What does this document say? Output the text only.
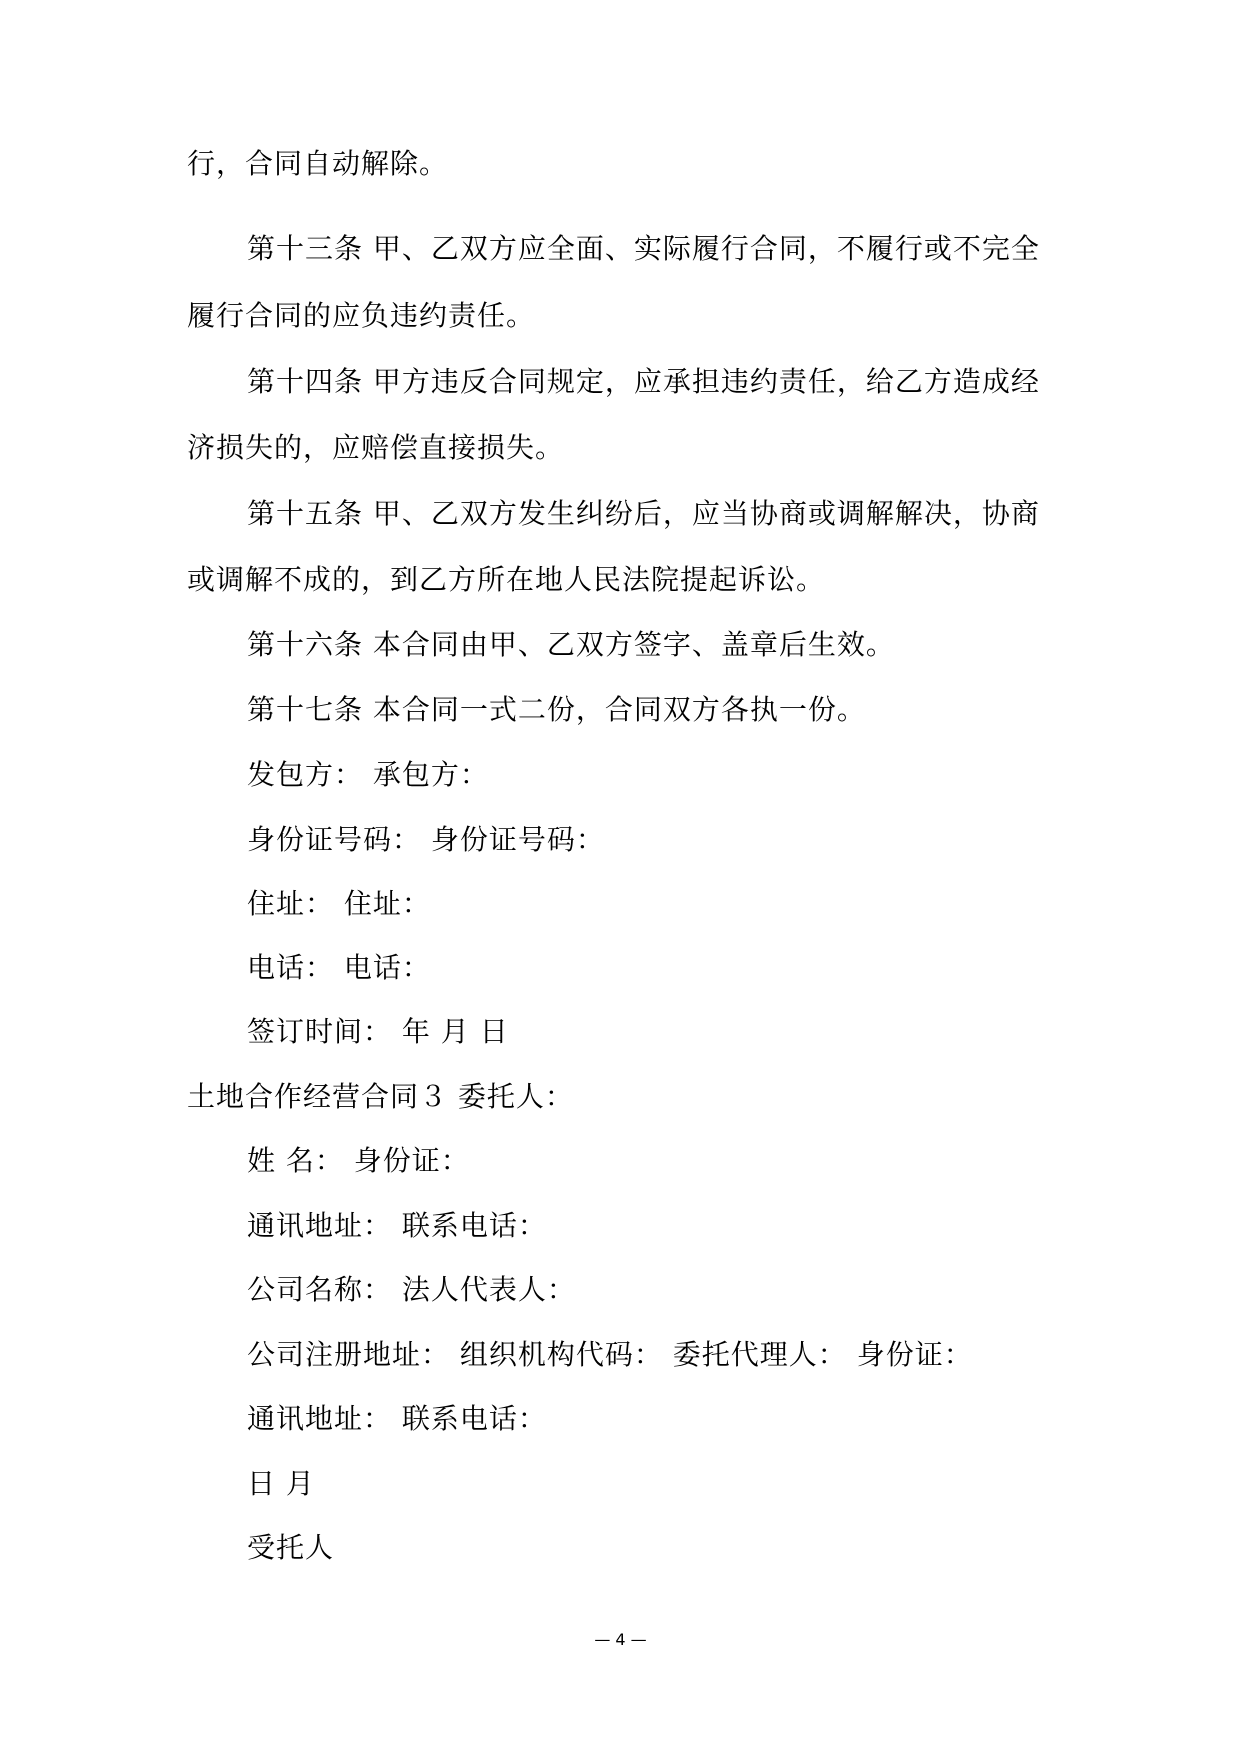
行，合同自动解除。
第十三条 甲、乙双方应全面、实际履行合同，不履行或不完全
履行合同的应负违约责任。
第十四条 甲方违反合同规定，应承担违约责任，给乙方造成经
济损失的，应赔偿直接损失。
第十五条 甲、乙双方发生纠纷后，应当协商或调解解决，协商
或调解不成的，到乙方所在地人民法院提起诉讼。
第十六条 本合同由甲、乙双方签字、盖章后生效。
第十七条 本合同一式二份，合同双方各执一份。
发包方： 承包方：
身份证号码： 身份证号码：
住址： 住址：
电话： 电话：
签订时间： 年 月 日
土地合作经营合同３ 委托人：
姓 名： 身份证：
通讯地址： 联系电话：
公司名称： 法人代表人：
公司注册地址： 组织机构代码： 委托代理人： 身份证：
通讯地址： 联系电话：
日 月
受托人
— 4 —
